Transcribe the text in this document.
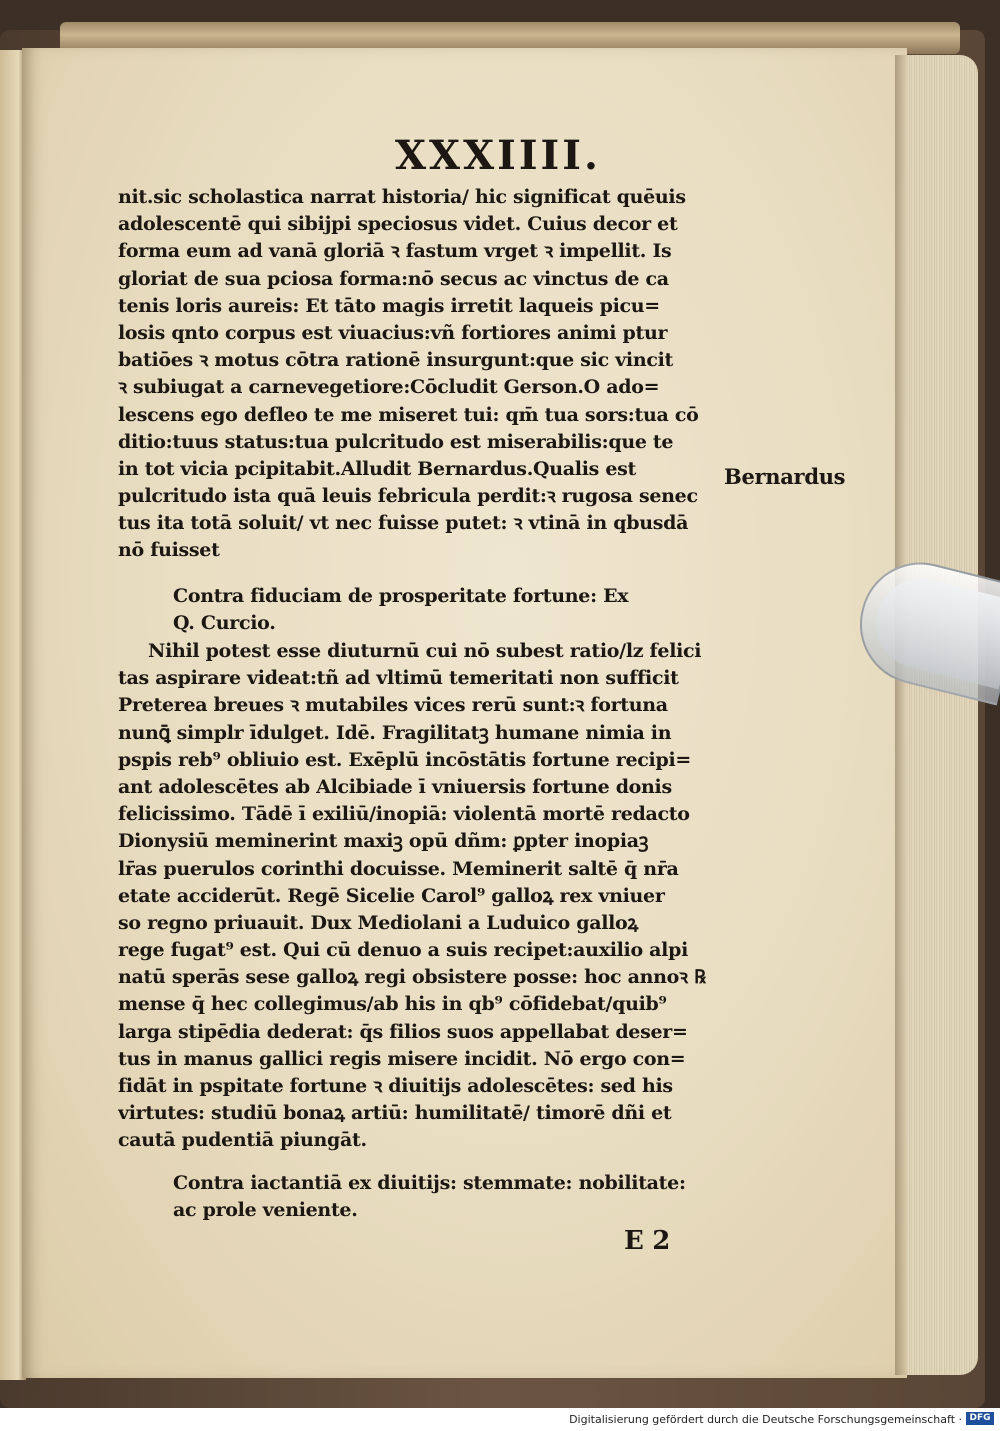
XXXIIII.
nit.sic scholastica narrat historia/ hic significat quēuis
adolescentē qui sibijpi speciosus videt. Cuius decor et
forma eum ad vanā gloriā ꝛ fastum vrget ꝛ impellit. Is
gloriat de sua pciosa forma:nō secus ac vinctus de ca
tenis loris aureis: Et tāto magis irretit laqueis picu=
losis qnto corpus est viuacius:vñ fortiores animi ptur
batiōes ꝛ motus cōtra rationē insurgunt:que sic vincit
ꝛ subiugat a carnevegetiore:Cōcludit Gerson.O ado=
lescens ego defleo te me miseret tui: qm̄ tua sors:tua cō
ditio:tuus status:tua pulcritudo est miserabilis:que te
in tot vicia pcipitabit.Alludit Bernardus.Qualis est
pulcritudo ista quā leuis febricula perdit:ꝛ rugosa senec
tus ita totā soluit/ vt nec fuisse putet: ꝛ vtinā in qbusdā
nō fuisset
Bernardus
Contra fiduciam de prosperitate fortune: Ex
Q. Curcio.
Nihil potest esse diuturnū cui nō subest ratio/lz felici
tas aspirare videat:tñ ad vltimū temeritati non sufficit
Preterea breues ꝛ mutabiles vices rerū sunt:ꝛ fortuna
nunꝗ̄ simplr īdulget. Idē. Fragilitatꝫ humane nimia in
pspis reb⁹ obliuio est. Exēplū incōstātis fortune recipi=
ant adolescētes ab Alcibiade ī vniuersis fortune donis
felicissimo. Tādē ī exiliū/inopiā: violentā mortē redacto
Dionysiū meminerint maxiꝫ opū dñm: ꝑpter inopiaꝫ
lr̄as puerulos corinthi docuisse. Meminerit saltē q̄ nr̄a
etate acciderūt. Regē Sicelie Carol⁹ galloꝝ rex vniuer
so regno priuauit. Dux Mediolani a Luduico galloꝝ
rege fugat⁹ est. Qui cū denuo a suis recipet:auxilio alpi
natū sperās sese galloꝝ regi obsistere posse: hoc annoꝛ ℞
mense q̄ hec collegimus/ab his in qb⁹ cōfidebat/quib⁹
larga stipēdia dederat: q̄s filios suos appellabat deser=
tus in manus gallici regis misere incidit. Nō ergo con=
fidāt in pspitate fortune ꝛ diuitijs adolescētes: sed his
virtutes: studiū bonaꝝ artiū: humilitatē/ timorē dñi et
cautā pudentiā piungāt.
Contra iactantiā ex diuitijs: stemmate: nobilitate:
ac prole veniente.
E 2
Digitalisierung gefördert durch die Deutsche Forschungsgemeinschaft · DFG
